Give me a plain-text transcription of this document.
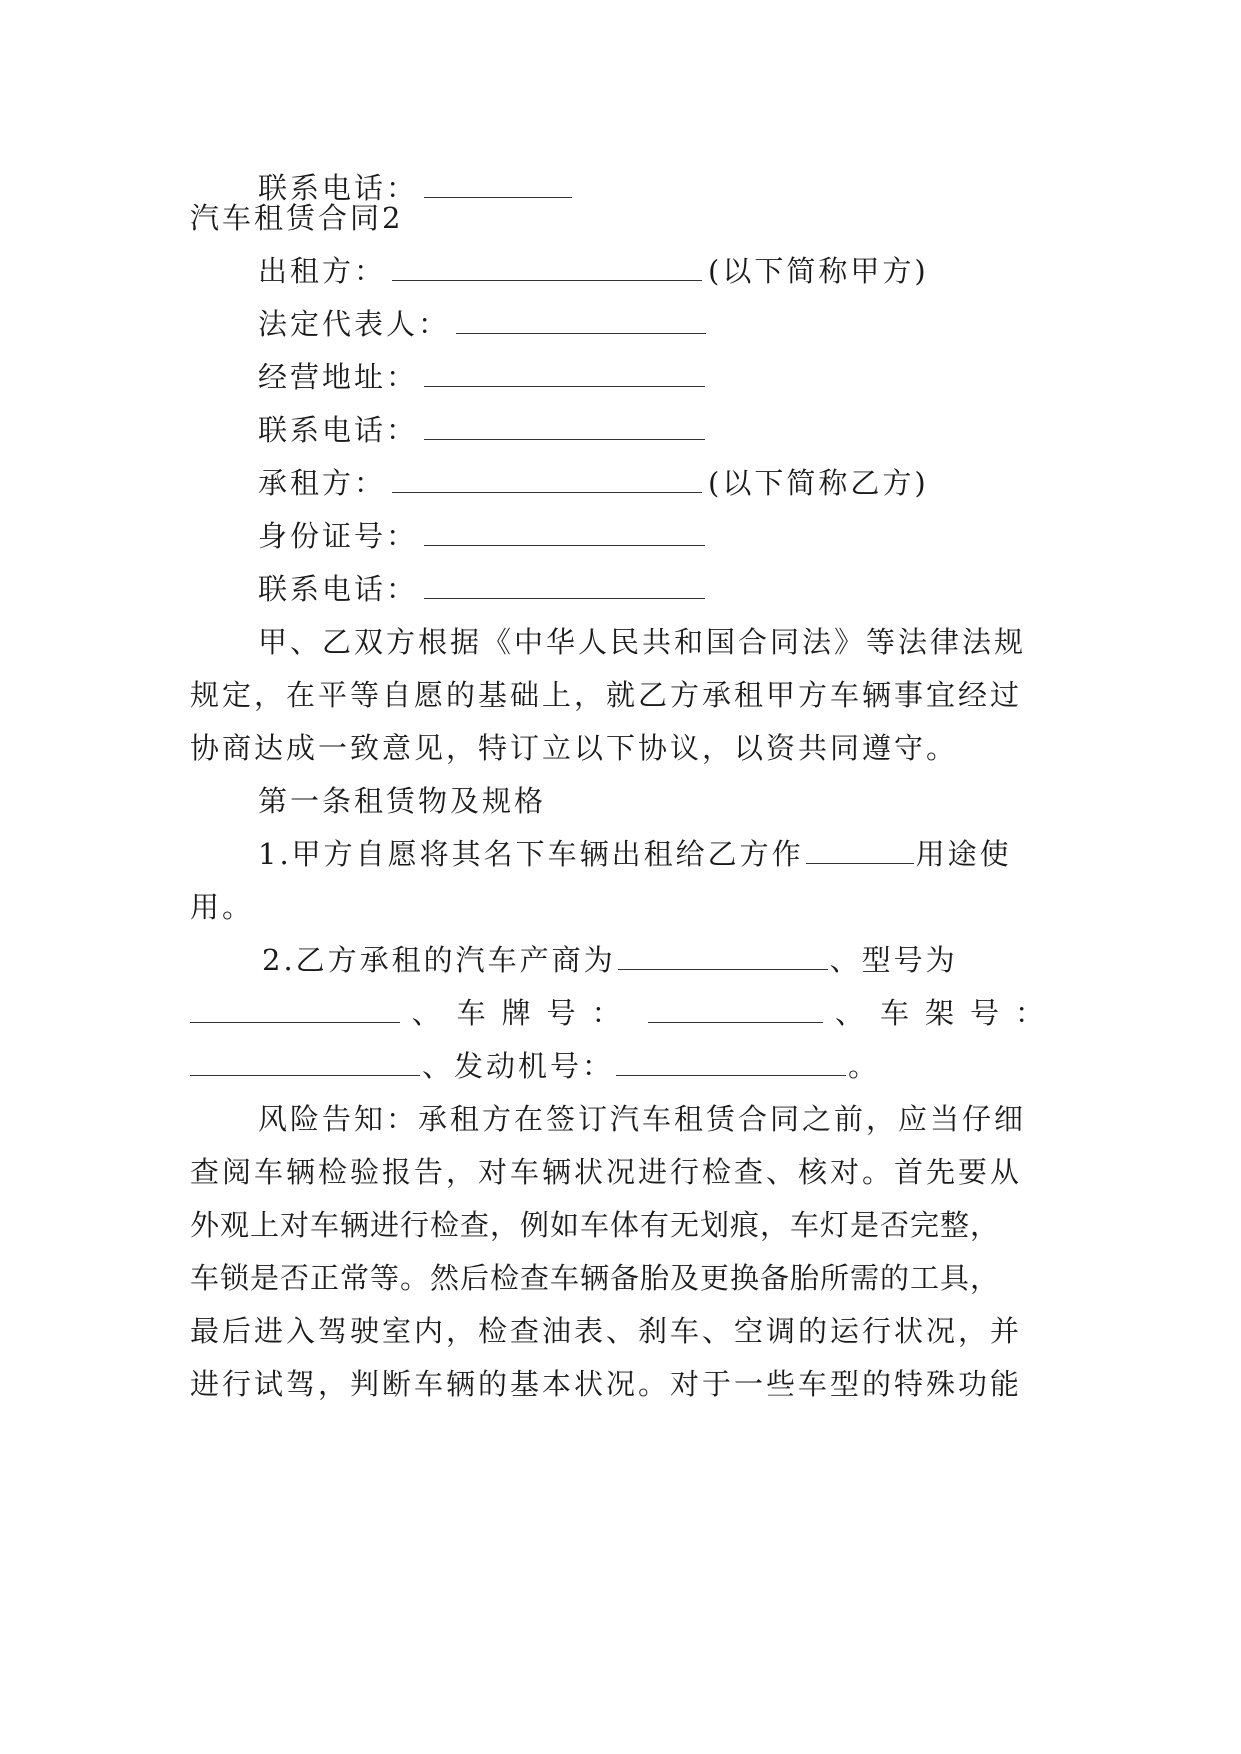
联系电话：
汽车租赁合同2
出租方：	(以下简称甲方)
法定代表人：
经营地址：
联系电话：
承租方：	(以下简称乙方)
身份证号：
联系电话：
甲、乙双方根据《中华人民共和国合同法》等法律法规
规定，在平等自愿的基础上，就乙方承租甲方车辆事宜经过
协商达成一致意见，特订立以下协议，以资共同遵守。
第一条租赁物及规格
1.甲方自愿将其名下车辆出租给乙方作	用途使
用。
2.乙方承租的汽车产商为	、型号为
、车牌号：	、车架号：
、发动机号：	。
风险告知：承租方在签订汽车租赁合同之前，应当仔细
查阅车辆检验报告，对车辆状况进行检查、核对。首先要从
外观上对车辆进行检查，例如车体有无划痕，车灯是否完整，
车锁是否正常等。然后检查车辆备胎及更换备胎所需的工具，
最后进入驾驶室内，检查油表、刹车、空调的运行状况，并
进行试驾，判断车辆的基本状况。对于一些车型的特殊功能
